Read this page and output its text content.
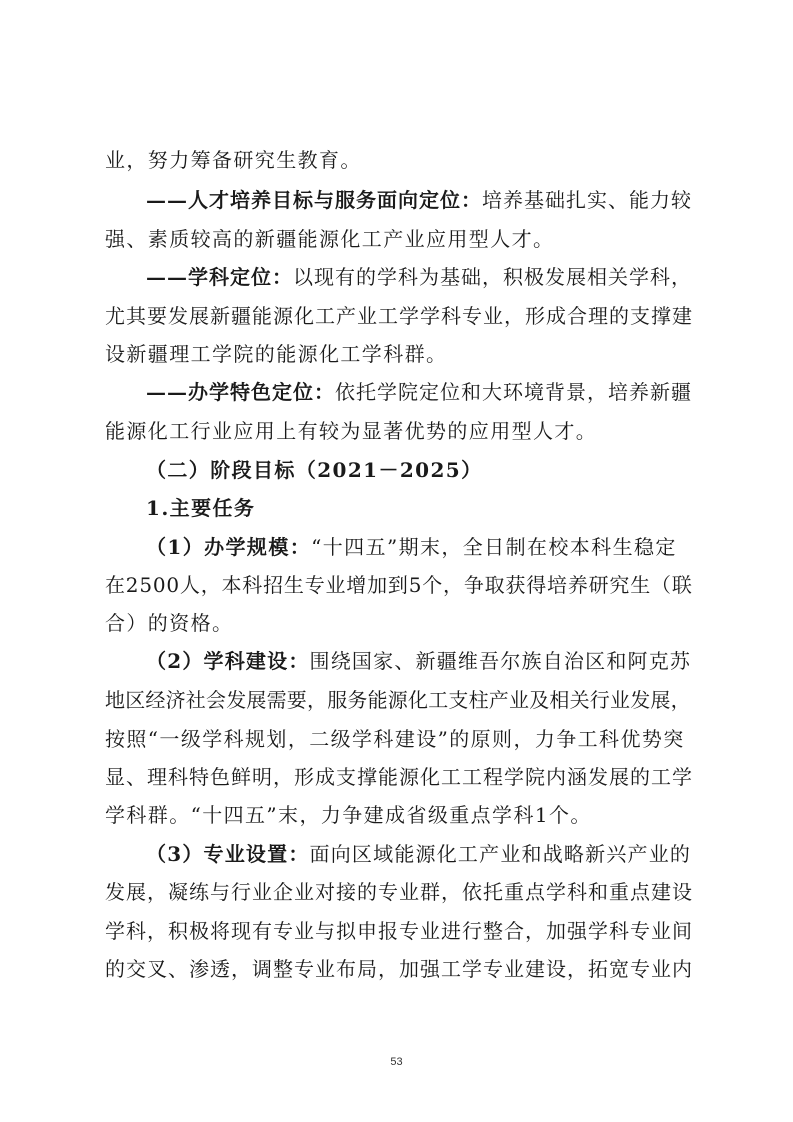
业，努力筹备研究生教育。
——人才培养目标与服务面向定位：培养基础扎实、能力较
强、素质较高的新疆能源化工产业应用型人才。
——学科定位：以现有的学科为基础，积极发展相关学科，
尤其要发展新疆能源化工产业工学学科专业，形成合理的支撑建
设新疆理工学院的能源化工学科群。
——办学特色定位：依托学院定位和大环境背景，培养新疆
能源化工行业应用上有较为显著优势的应用型人才。
（二）阶段目标（2021－2025）
1.主要任务
（1）办学规模：“十四五”期末，全日制在校本科生稳定
在2500人，本科招生专业增加到5个，争取获得培养研究生（联
合）的资格。
（2）学科建设：围绕国家、新疆维吾尔族自治区和阿克苏
地区经济社会发展需要，服务能源化工支柱产业及相关行业发展，
按照“一级学科规划，二级学科建设”的原则，力争工科优势突
显、理科特色鲜明，形成支撑能源化工工程学院内涵发展的工学
学科群。“十四五”末，力争建成省级重点学科1个。
（3）专业设置：面向区域能源化工产业和战略新兴产业的
发展，凝练与行业企业对接的专业群，依托重点学科和重点建设
学科，积极将现有专业与拟申报专业进行整合，加强学科专业间
的交叉、渗透，调整专业布局，加强工学专业建设，拓宽专业内
53
